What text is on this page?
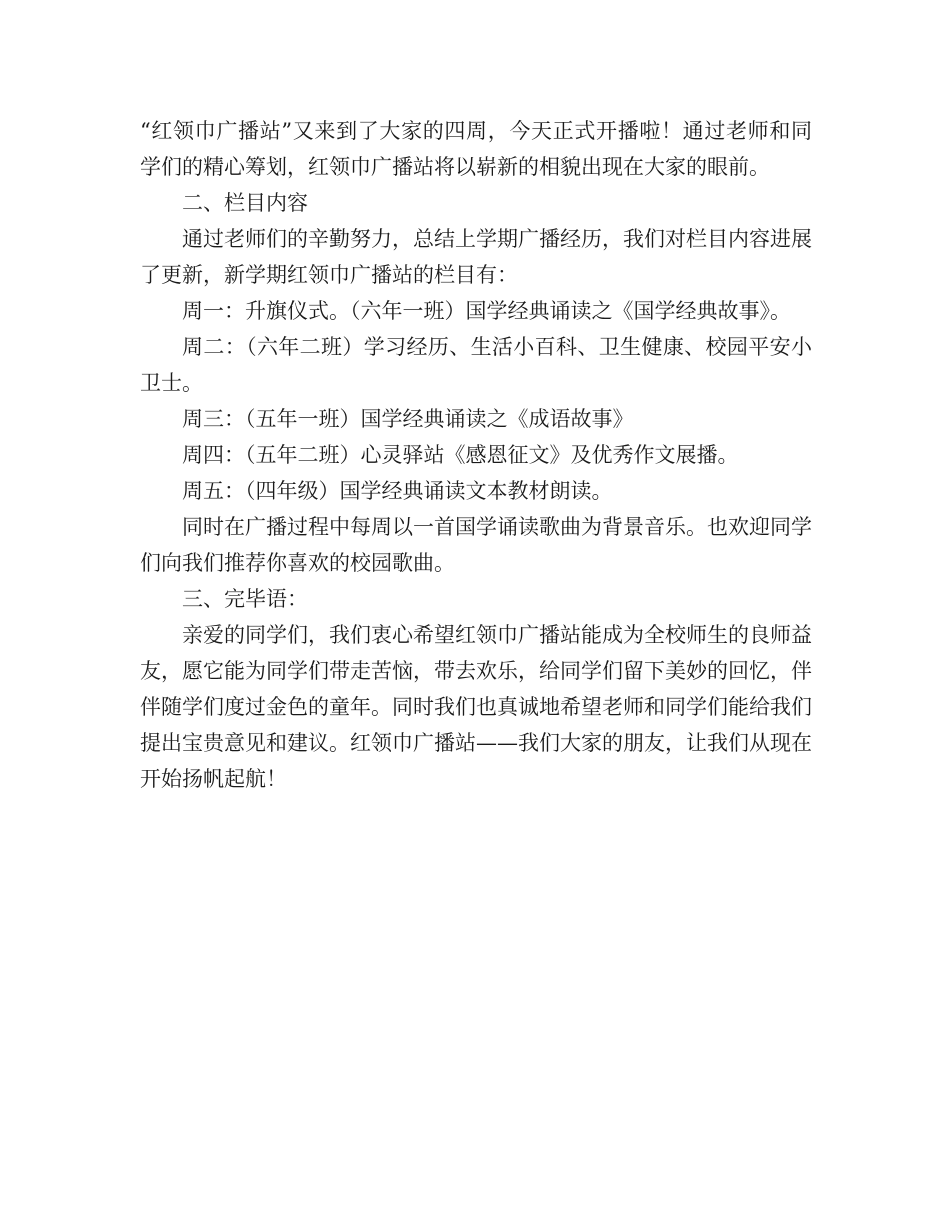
“红领巾广播站”又来到了大家的四周，今天正式开播啦！通过老师和同学们的精心筹划，红领巾广播站将以崭新的相貌出现在大家的眼前。

二、栏目内容

通过老师们的辛勤努力，总结上学期广播经历，我们对栏目内容进展了更新，新学期红领巾广播站的栏目有：

周一：升旗仪式。（六年一班）国学经典诵读之《国学经典故事》。

周二：（六年二班）学习经历、生活小百科、卫生健康、校园平安小卫士。

周三：（五年一班）国学经典诵读之《成语故事》

周四：（五年二班）心灵驿站《感恩征文》及优秀作文展播。

周五：（四年级）国学经典诵读文本教材朗读。

同时在广播过程中每周以一首国学诵读歌曲为背景音乐。也欢迎同学们向我们推荐你喜欢的校园歌曲。

三、完毕语：

亲爱的同学们，我们衷心希望红领巾广播站能成为全校师生的良师益友，愿它能为同学们带走苦恼，带去欢乐，给同学们留下美妙的回忆，伴伴随学们度过金色的童年。同时我们也真诚地希望老师和同学们能给我们提出宝贵意见和建议。红领巾广播站——我们大家的朋友，让我们从现在开始扬帆起航！
